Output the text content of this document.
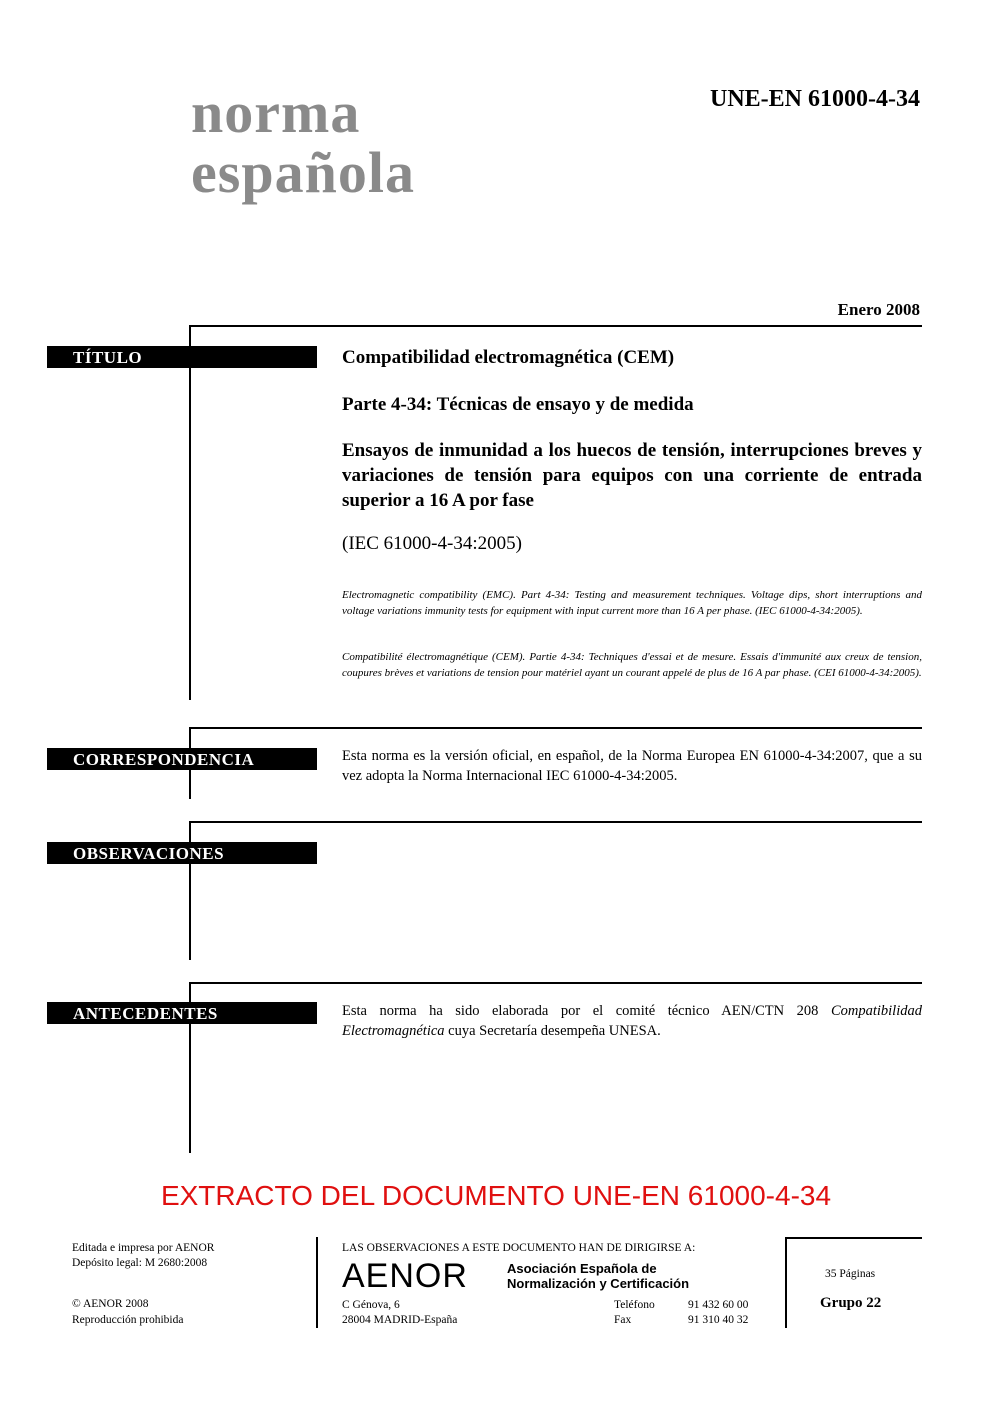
norma
española
UNE-EN 61000-4-34
Enero 2008
TÍTULO	Compatibilidad electromagnética (CEM)
Parte 4-34: Técnicas de ensayo y de medida
Ensayos de inmunidad a los huecos de tensión, interrupciones breves y variaciones de tensión para equipos con una corriente de entrada superior a 16 A por fase
(IEC 61000-4-34:2005)
Electromagnetic compatibility (EMC). Part 4-34: Testing and measurement techniques. Voltage dips, short interruptions and voltage variations immunity tests for equipment with input current more than 16 A per phase. (IEC 61000-4-34:2005).
Compatibilité électromagnétique (CEM). Partie 4-34: Techniques d'essai et de mesure. Essais d'immunité aux creux de tension, coupures brèves et variations de tension pour matériel ayant un courant appelé de plus de 16 A par phase. (CEI 61000-4-34:2005).
CORRESPONDENCIA	Esta norma es la versión oficial, en español, de la Norma Europea EN 61000-4-34:2007, que a su vez adopta la Norma Internacional IEC 61000-4-34:2005.
OBSERVACIONES
ANTECEDENTES	Esta norma ha sido elaborada por el comité técnico AEN/CTN 208 Compatibilidad Electromagnética cuya Secretaría desempeña UNESA.
EXTRACTO DEL DOCUMENTO UNE-EN 61000-4-34
Editada e impresa por AENOR
Depósito legal: M 2680:2008
© AENOR 2008
Reproducción prohibida
LAS OBSERVACIONES A ESTE DOCUMENTO HAN DE DIRIGIRSE A:
AENOR	Asociación Española de
Normalización y Certificación
C Génova, 6
28004 MADRID-España
Teléfono	91 432 60 00
Fax	91 310 40 32
35 Páginas
Grupo 22
